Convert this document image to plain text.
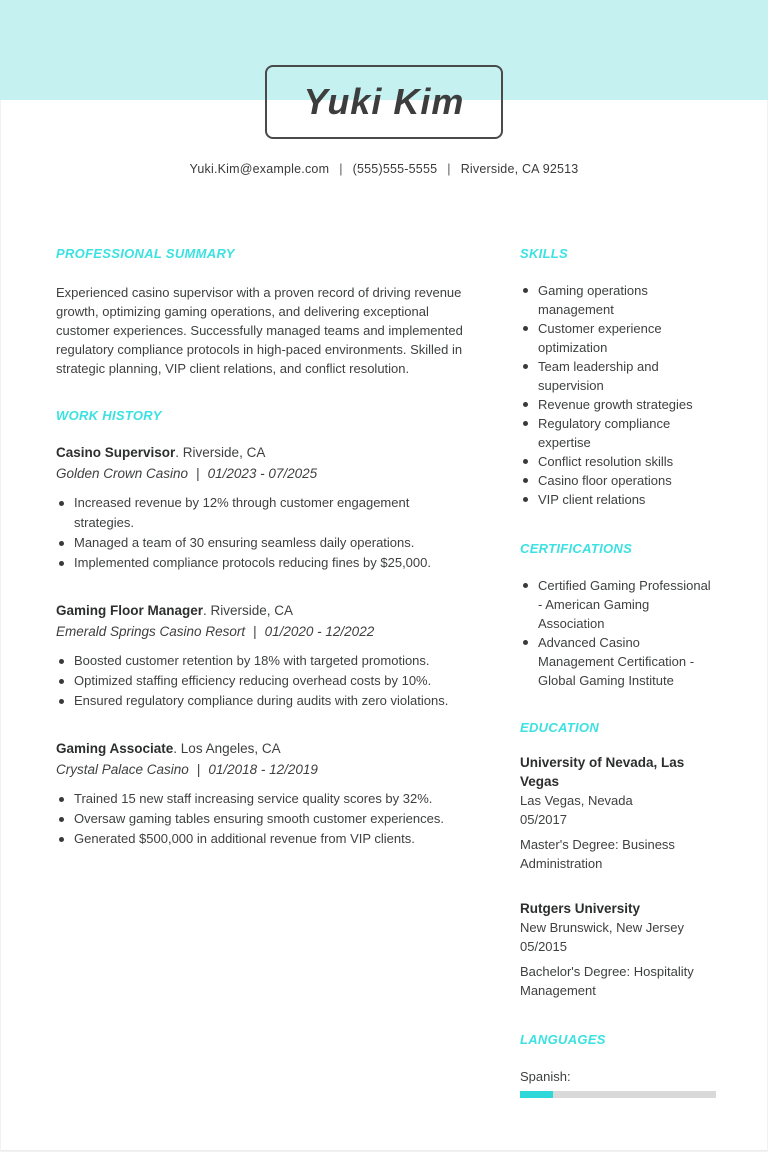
Yuki Kim
Yuki.Kim@example.com | (555)555-5555 | Riverside, CA 92513
PROFESSIONAL SUMMARY

Experienced casino supervisor with a proven record of driving revenue growth, optimizing gaming operations, and delivering exceptional customer experiences. Successfully managed teams and implemented regulatory compliance protocols in high-paced environments. Skilled in strategic planning, VIP client relations, and conflict resolution.

WORK HISTORY
Casino Supervisor. Riverside, CA
Golden Crown Casino | 01/2023 - 07/2025
Increased revenue by 12% through customer engagement strategies.
Managed a team of 30 ensuring seamless daily operations.
Implemented compliance protocols reducing fines by $25,000.
Gaming Floor Manager. Riverside, CA
Emerald Springs Casino Resort | 01/2020 - 12/2022
Boosted customer retention by 18% with targeted promotions.
Optimized staffing efficiency reducing overhead costs by 10%.
Ensured regulatory compliance during audits with zero violations.
Gaming Associate. Los Angeles, CA
Crystal Palace Casino | 01/2018 - 12/2019
Trained 15 new staff increasing service quality scores by 32%.
Oversaw gaming tables ensuring smooth customer experiences.
Generated $500,000 in additional revenue from VIP clients.
SKILLS
Gaming operations management
Customer experience optimization
Team leadership and supervision
Revenue growth strategies
Regulatory compliance expertise
Conflict resolution skills
Casino floor operations
VIP client relations
CERTIFICATIONS
Certified Gaming Professional - American Gaming Association
Advanced Casino Management Certification - Global Gaming Institute
EDUCATION
University of Nevada, Las Vegas
Las Vegas, Nevada
05/2017
Master's Degree: Business Administration
Rutgers University
New Brunswick, New Jersey
05/2015
Bachelor's Degree: Hospitality Management
LANGUAGES
Spanish:
